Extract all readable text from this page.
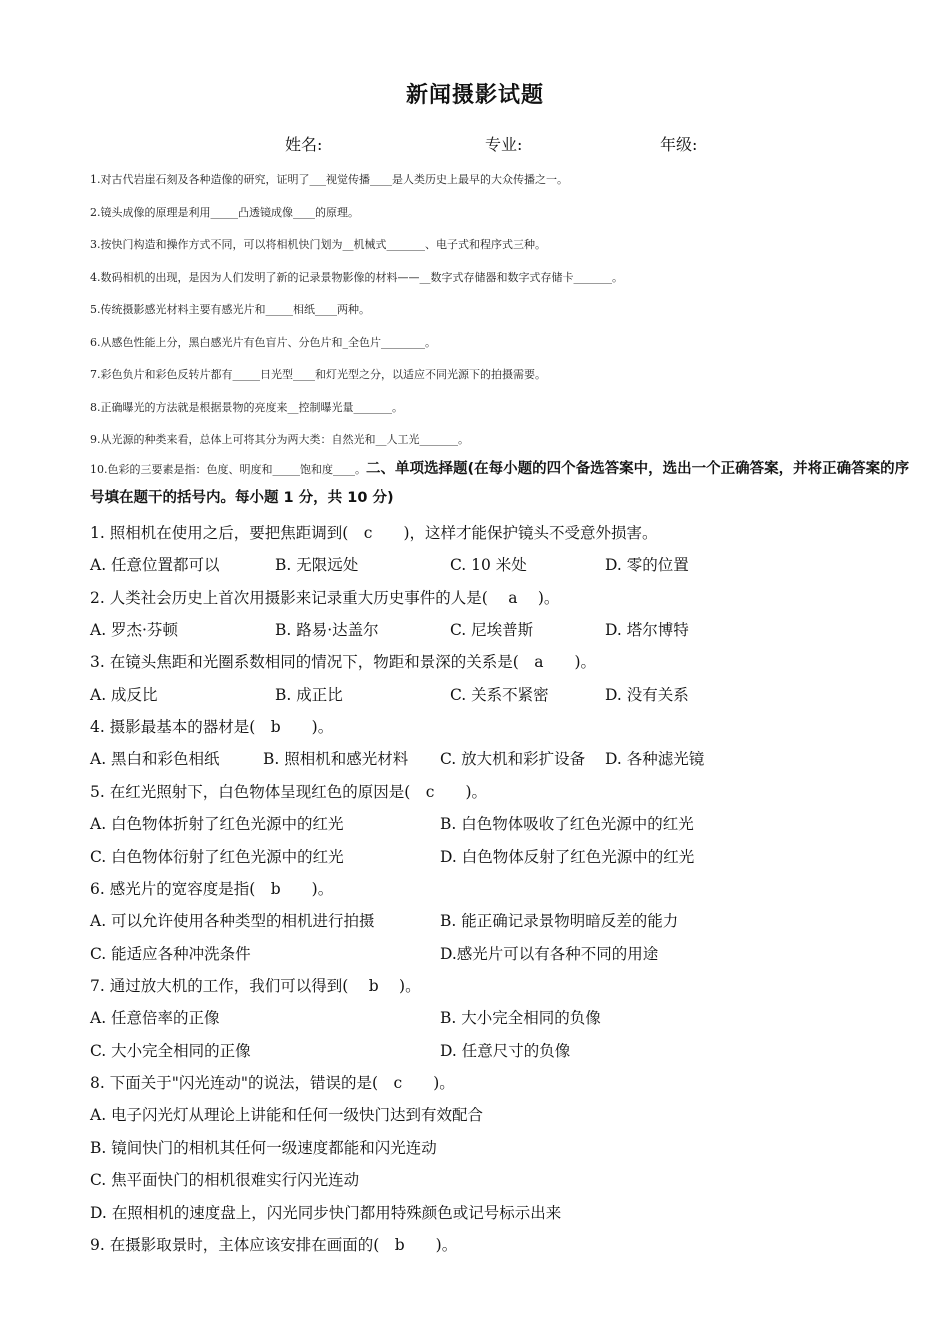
新闻摄影试题
姓名:	专业:	年级:
1.对古代岩崖石刻及各种造像的研究，证明了___视觉传播____是人类历史上最早的大众传播之一。
2.镜头成像的原理是利用_____凸透镜成像____的原理。
3.按快门构造和操作方式不同，可以将相机快门划为__机械式_______、电子式和程序式三种。
4.数码相机的出现，是因为人们发明了新的记录景物影像的材料——__数字式存储器和数字式存储卡_______。
5.传统摄影感光材料主要有感光片和_____相纸____两种。
6.从感色性能上分，黑白感光片有色盲片、分色片和_全色片________。
7.彩色负片和彩色反转片都有_____日光型____和灯光型之分，以适应不同光源下的拍摄需要。
8.正确曝光的方法就是根据景物的亮度来__控制曝光量_______。
9.从光源的种类来看，总体上可将其分为两大类：自然光和__人工光_______。
10.色彩的三要素是指：色度、明度和_____饱和度____。二、单项选择题(在每小题的四个备选答案中，选出一个正确答案，并将正确答案的序号填在题干的括号内。每小题 1 分，共 10 分)
1. 照相机在使用之后，要把焦距调到(　c　　)，这样才能保护镜头不受意外损害。
A. 任意位置都可以	B. 无限远处	C. 10 米处	D. 零的位置
2. 人类社会历史上首次用摄影来记录重大历史事件的人是(　 a　 )。
A. 罗杰·芬顿	B. 路易·达盖尔	C. 尼埃普斯	D. 塔尔博特
3. 在镜头焦距和光圈系数相同的情况下，物距和景深的关系是(　a　　)。
A. 成反比	B. 成正比	C. 关系不紧密	D. 没有关系
4. 摄影最基本的器材是(　b　　)。
A. 黑白和彩色相纸	B. 照相机和感光材料 C. 放大机和彩扩设备 D. 各种滤光镜
5. 在红光照射下，白色物体呈现红色的原因是(　c　　)。
A. 白色物体折射了红色光源中的红光	B. 白色物体吸收了红色光源中的红光
C. 白色物体衍射了红色光源中的红光	D. 白色物体反射了红色光源中的红光
6. 感光片的宽容度是指(　b　　)。
A. 可以允许使用各种类型的相机进行拍摄	B. 能正确记录景物明暗反差的能力
C. 能适应各种冲洗条件	D.感光片可以有各种不同的用途
7. 通过放大机的工作，我们可以得到(　 b　 )。
A. 任意倍率的正像	B. 大小完全相同的负像
C. 大小完全相同的正像	D. 任意尺寸的负像
8. 下面关于"闪光连动"的说法，错误的是(　c　　)。
A. 电子闪光灯从理论上讲能和任何一级快门达到有效配合
B. 镜间快门的相机其任何一级速度都能和闪光连动
C. 焦平面快门的相机很难实行闪光连动
D. 在照相机的速度盘上，闪光同步快门都用特殊颜色或记号标示出来
9. 在摄影取景时，主体应该安排在画面的(　b　　)。
